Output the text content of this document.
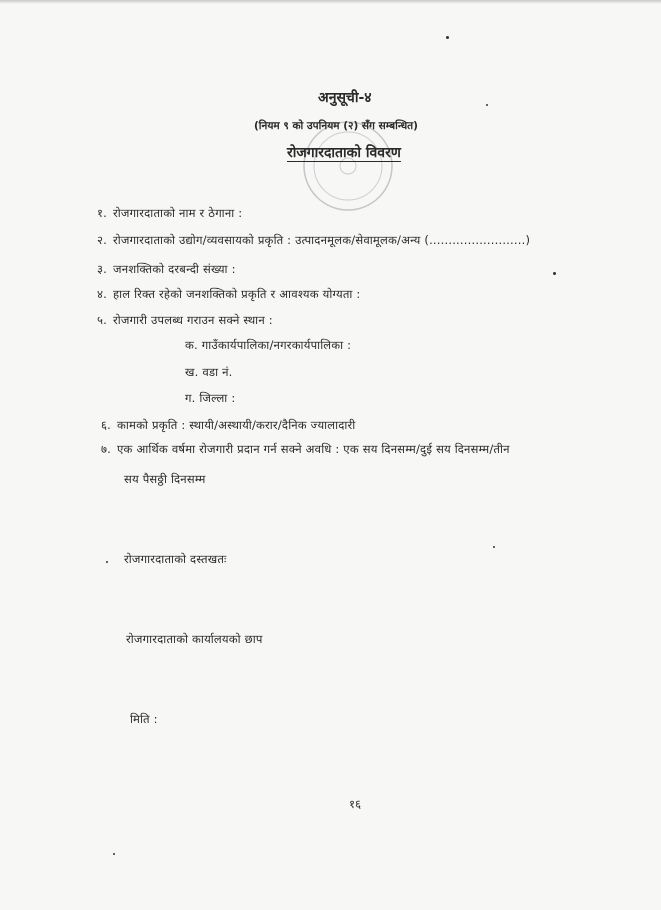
अनुसूची-४
(नियम ९ को उपनियम (२) सँग सम्बन्धित)
रोजगारदाताको विवरण
१. रोजगारदाताको नाम र ठेगाना :
२. रोजगारदाताको उद्योग/व्यवसायको प्रकृति : उत्पादनमूलक/सेवामूलक/अन्य (.........................)
३. जनशक्तिको दरबन्दी संख्या :
४. हाल रिक्त रहेको जनशक्तिको प्रकृति र आवश्यक योग्यता :
५. रोजगारी उपलब्ध गराउन सक्ने स्थान :
क. गाउँकार्यपालिका/नगरकार्यपालिका :
ख. वडा नं.
ग. जिल्ला :
६. कामको प्रकृति : स्थायी/अस्थायी/करार/दैनिक ज्यालादारी
७. एक आर्थिक वर्षमा रोजगारी प्रदान गर्न सक्ने अवधि : एक सय दिनसम्म/दुई सय दिनसम्म/तीन
सय पैसठ्ठी दिनसम्म
रोजगारदाताको दस्तखतः
रोजगारदाताको कार्यालयको छाप
मिति :
१६
